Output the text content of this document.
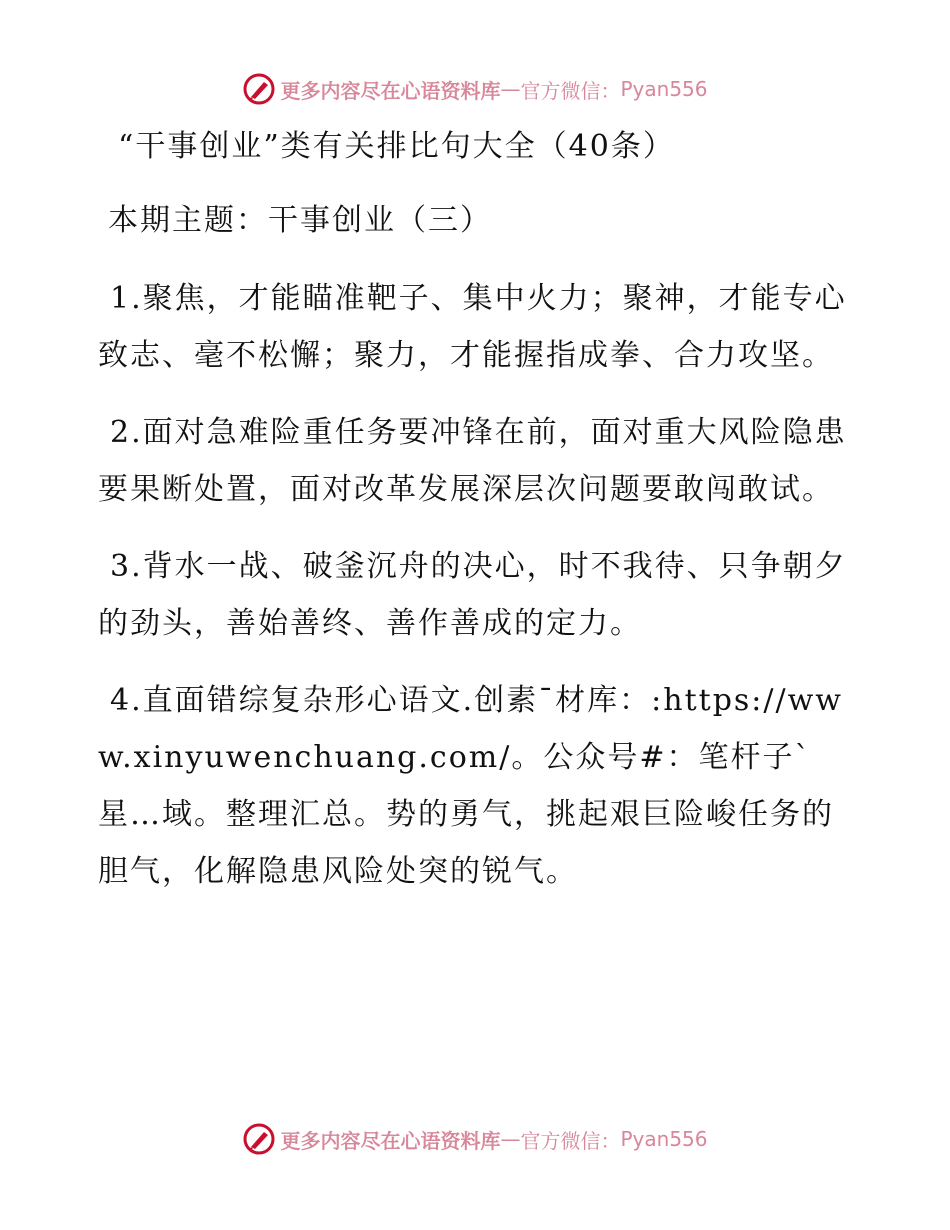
更多内容尽在心语资料库 — 官方微信： Pyan556
“干事创业”类有关排比句大全（40条）
本期主题：干事创业（三）
1.聚焦，才能瞄准靶子、集中火力；聚神，才能专心致志、毫不松懈；聚力，才能握指成拳、合力攻坚。
2.面对急难险重任务要冲锋在前，面对重大风险隐患要果断处置，面对改革发展深层次问题要敢闯敢试。
3.背水一战、破釜沉舟的决心，时不我待、只争朝夕的劲头，善始善终、善作善成的定力。
4.直面错综复杂形心语文.创素¯材库：:https://www.xinyuwenchuang.com/。公众号#：笔杆子`星…域。整理汇总。势的勇气，挑起艰巨险峻任务的胆气，化解隐患风险处突的锐气。
更多内容尽在心语资料库 — 官方微信： Pyan556
